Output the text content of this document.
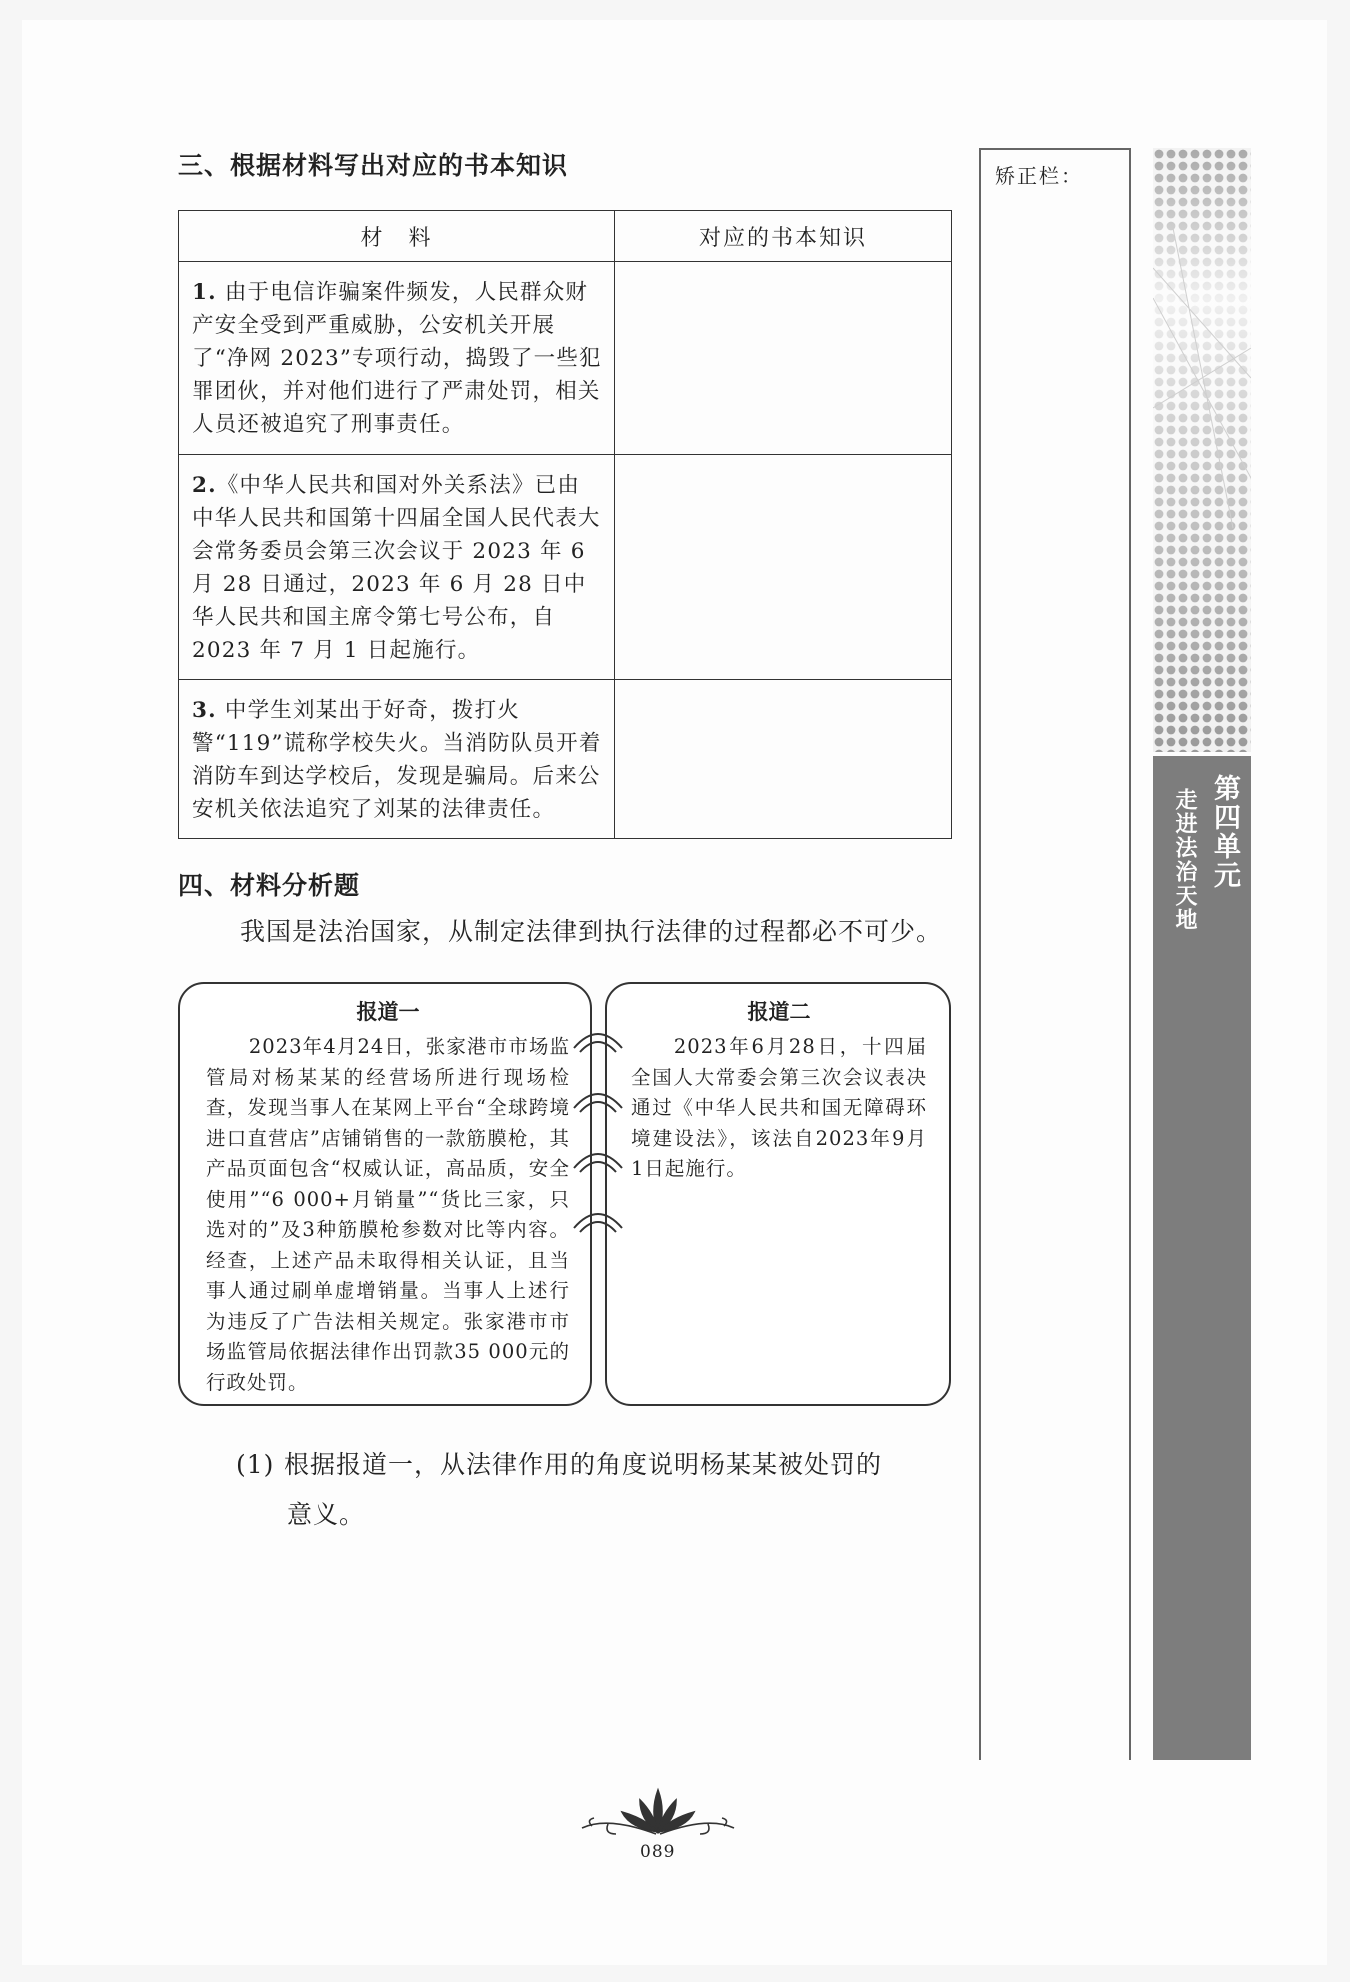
三、根据材料写出对应的书本知识
材　料	对应的书本知识
1. 由于电信诈骗案件频发，人民群众财产安全受到严重威胁，公安机关开展了“净网 2023”专项行动，捣毁了一些犯罪团伙，并对他们进行了严肃处罚，相关人员还被追究了刑事责任。	
2.《中华人民共和国对外关系法》已由中华人民共和国第十四届全国人民代表大会常务委员会第三次会议于 2023 年 6 月 28 日通过，2023 年 6 月 28 日中华人民共和国主席令第七号公布，自 2023 年 7 月 1 日起施行。	
3. 中学生刘某出于好奇，拨打火警“119”谎称学校失火。当消防队员开着消防车到达学校后，发现是骗局。后来公安机关依法追究了刘某的法律责任。	
四、材料分析题
我国是法治国家，从制定法律到执行法律的过程都必不可少。
报道一
2023年4月24日，张家港市市场监管局对杨某某的经营场所进行现场检查，发现当事人在某网上平台“全球跨境进口直营店”店铺销售的一款筋膜枪，其产品页面包含“权威认证，高品质，安全使用”“6 000+月销量”“货比三家，只选对的”及3种筋膜枪参数对比等内容。经查，上述产品未取得相关认证，且当事人通过刷单虚增销量。当事人上述行为违反了广告法相关规定。张家港市市场监管局依据法律作出罚款35 000元的行政处罚。
报道二
2023年6月28日，十四届全国人大常委会第三次会议表决通过《中华人民共和国无障碍环境建设法》，该法自2023年9月1日起施行。
(1) 根据报道一，从法律作用的角度说明杨某某被处罚的
意义。
矫正栏：
第四单元
走进法治天地
089
